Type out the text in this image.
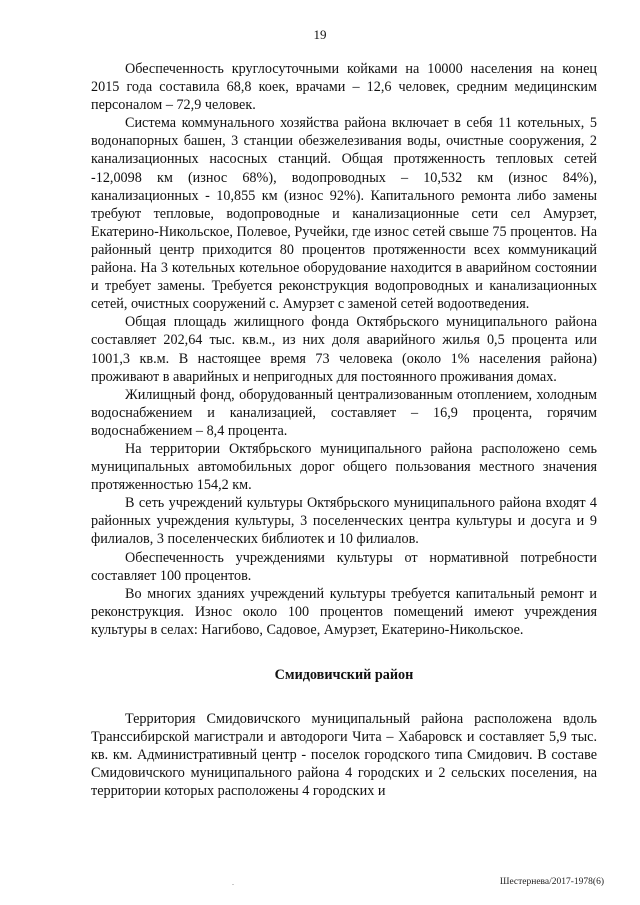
19

Обеспеченность круглосуточными койками на 10000 населения на конец 2015 года составила 68,8 коек, врачами – 12,6 человек, средним медицинским персоналом – 72,9 человек.

Система коммунального хозяйства района включает в себя 11 котельных, 5 водонапорных башен, 3 станции обезжелезивания воды, очистные сооружения, 2 канализационных насосных станций. Общая протяженность тепловых сетей -12,0098 км (износ 68%), водопроводных – 10,532 км (износ 84%), канализационных - 10,855 км (износ 92%). Капитального ремонта либо замены требуют тепловые, водопроводные и канализационные сети сел Амурзет, Екатерино-Никольское, Полевое, Ручейки, где износ сетей свыше 75 процентов. На районный центр приходится 80 процентов протяженности всех коммуникаций района. На 3 котельных котельное оборудование находится в аварийном состоянии и требует замены. Требуется реконструкция водопроводных и канализационных сетей, очистных сооружений с. Амурзет с заменой сетей водоотведения.

Общая площадь жилищного фонда Октябрьского муниципального района составляет 202,64 тыс. кв.м., из них доля аварийного жилья 0,5 процента или 1001,3 кв.м. В настоящее время 73 человека (около 1% населения района) проживают в аварийных и непригодных для постоянного проживания домах.

Жилищный фонд, оборудованный централизованным отоплением, холодным водоснабжением и канализацией, составляет – 16,9 процента, горячим водоснабжением – 8,4 процента.

На территории Октябрьского муниципального района расположено семь муниципальных автомобильных дорог общего пользования местного значения протяженностью 154,2 км.

В сеть учреждений культуры Октябрьского муниципального района входят 4 районных учреждения культуры, 3 поселенческих центра культуры и досуга и 9 филиалов, 3 поселенческих библиотек и 10 филиалов.

Обеспеченность учреждениями культуры от нормативной потребности составляет 100 процентов.

Во многих зданиях учреждений культуры требуется капитальный ремонт и реконструкция. Износ около 100 процентов помещений имеют учреждения культуры в селах: Нагибово, Садовое, Амурзет, Екатерино-Никольское.

Смидовичский район

Территория Смидовичского муниципальный района расположена вдоль Транссибирской магистрали и автодороги Чита – Хабаровск и составляет 5,9 тыс. кв. км. Административный центр - поселок городского типа Смидович. В составе Смидовичского муниципального района 4 городских и 2 сельских поселения, на территории которых расположены 4 городских и

.	Шестернева/2017-1978(6)
